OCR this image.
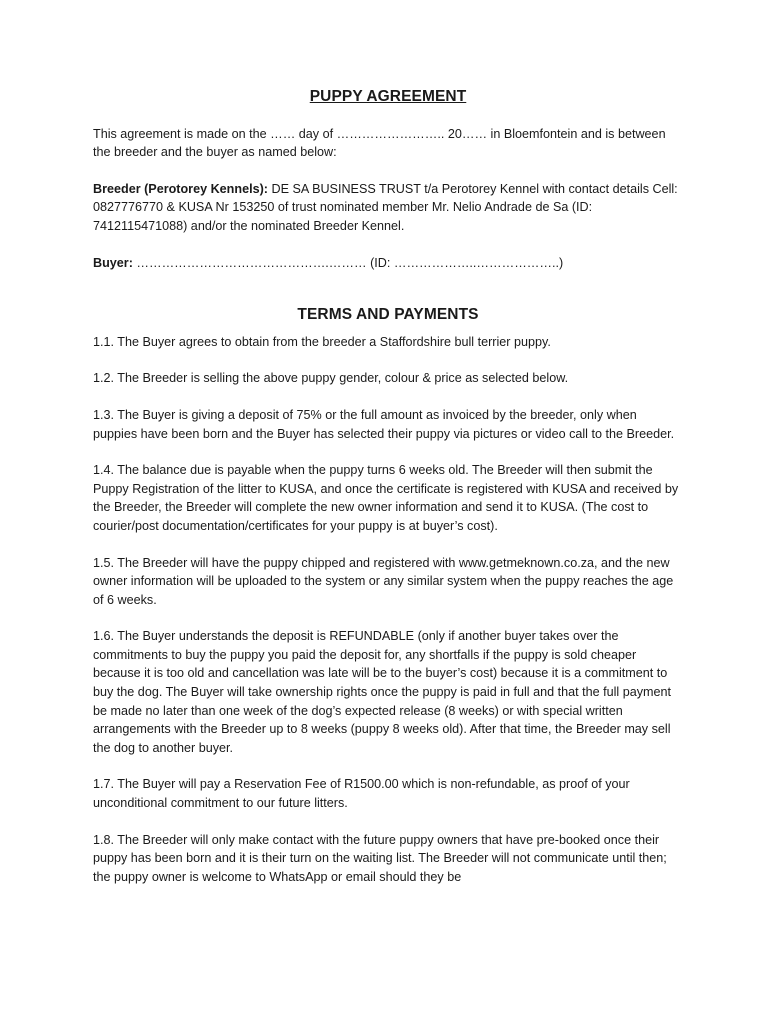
PUPPY AGREEMENT

This agreement is made on the …… day of …………………….. 20…… in Bloemfontein and is between the breeder and the buyer as named below:

Breeder (Perotorey Kennels): DE SA BUSINESS TRUST t/a Perotorey Kennel with contact details Cell: 0827776770 & KUSA Nr 153250 of trust nominated member Mr. Nelio Andrade de Sa (ID: 7412115471088) and/or the nominated Breeder Kennel.

Buyer: ……………………………………….……… (ID: ………………..………………..)

TERMS AND PAYMENTS

1.1. The Buyer agrees to obtain from the breeder a Staffordshire bull terrier puppy.

1.2. The Breeder is selling the above puppy gender, colour & price as selected below.

1.3. The Buyer is giving a deposit of 75% or the full amount as invoiced by the breeder, only when puppies have been born and the Buyer has selected their puppy via pictures or video call to the Breeder.

1.4. The balance due is payable when the puppy turns 6 weeks old. The Breeder will then submit the Puppy Registration of the litter to KUSA, and once the certificate is registered with KUSA and received by the Breeder, the Breeder will complete the new owner information and send it to KUSA. (The cost to courier/post documentation/certificates for your puppy is at buyer’s cost).

1.5. The Breeder will have the puppy chipped and registered with www.getmeknown.co.za, and the new owner information will be uploaded to the system or any similar system when the puppy reaches the age of 6 weeks.

1.6. The Buyer understands the deposit is REFUNDABLE (only if another buyer takes over the commitments to buy the puppy you paid the deposit for, any shortfalls if the puppy is sold cheaper because it is too old and cancellation was late will be to the buyer’s cost) because it is a commitment to buy the dog. The Buyer will take ownership rights once the puppy is paid in full and that the full payment be made no later than one week of the dog’s expected release (8 weeks) or with special written arrangements with the Breeder up to 8 weeks (puppy 8 weeks old). After that time, the Breeder may sell the dog to another buyer.

1.7. The Buyer will pay a Reservation Fee of R1500.00 which is non-refundable, as proof of your unconditional commitment to our future litters.

1.8. The Breeder will only make contact with the future puppy owners that have pre-booked once their puppy has been born and it is their turn on the waiting list. The Breeder will not communicate until then; the puppy owner is welcome to WhatsApp or email should they be
